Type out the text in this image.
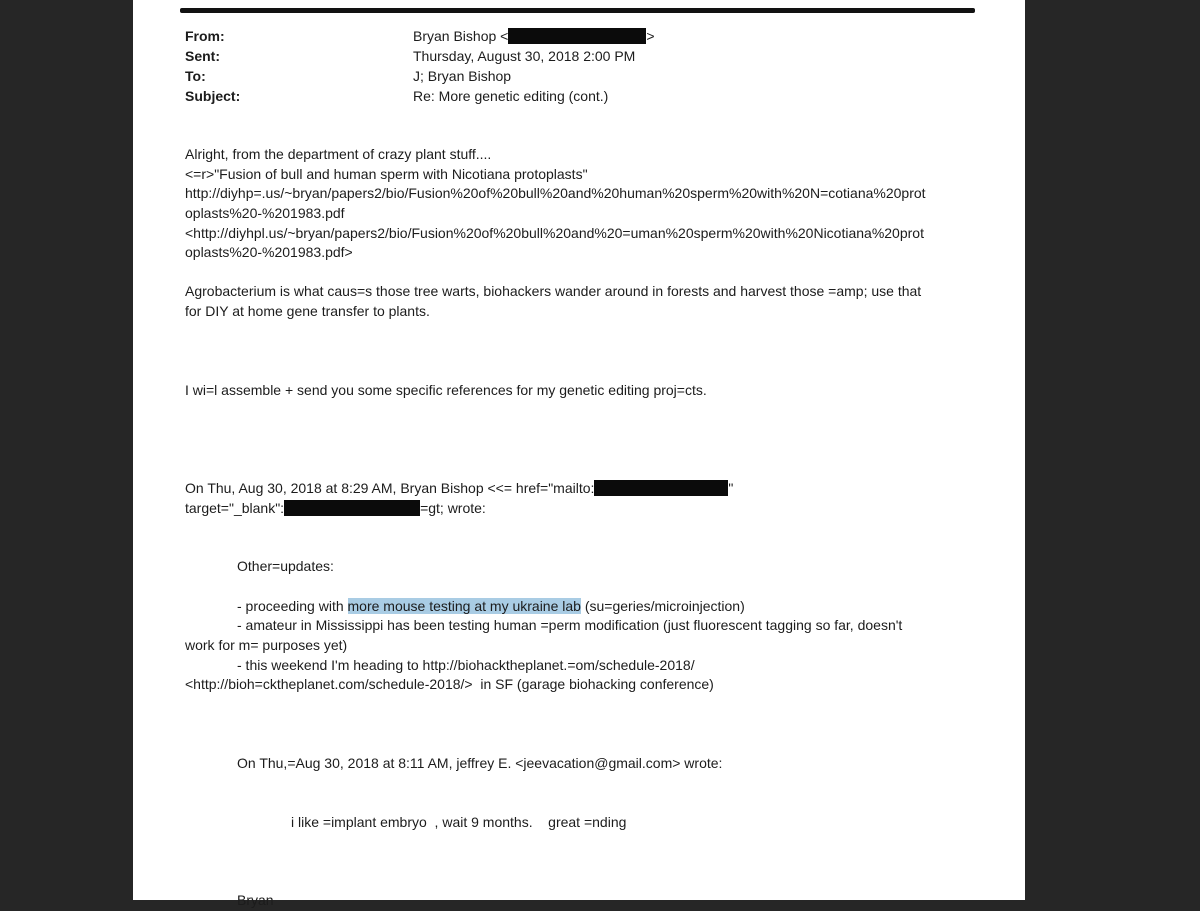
From:	Bryan Bishop <	>
Sent:	Thursday, August 30, 2018 2:00 PM
To:	J; Bryan Bishop
Subject:	Re: More genetic editing (cont.)
Alright, from the department of crazy plant stuff....
<=r>"Fusion of bull and human sperm with Nicotiana protoplasts"
http://diyhp=.us/~bryan/papers2/bio/Fusion%20of%20bull%20and%20human%20sperm%20with%20N=cotiana%20prot
oplasts%20-%201983.pdf
<http://diyhpl.us/~bryan/papers2/bio/Fusion%20of%20bull%20and%20=uman%20sperm%20with%20Nicotiana%20prot
oplasts%20-%201983.pdf>

Agrobacterium is what caus=s those tree warts, biohackers wander around in forests and harvest those =amp; use that
for DIY at home gene transfer to plants.

I wi=l assemble + send you some specific references for my genetic editing proj=cts.

On Thu, Aug 30, 2018 at 8:29 AM, Bryan Bishop <<= href="mailto:	"
target="_blank":	=gt; wrote:

Other=updates:

- proceeding with more mouse testing at my ukraine lab (su=geries/microinjection)
- amateur in Mississippi has been testing human =perm modification (just fluorescent tagging so far, doesn't
work for m= purposes yet)
- this weekend I'm heading to http://biohacktheplanet.=om/schedule-2018/
<http://bioh=cktheplanet.com/schedule-2018/>  in SF (garage biohacking conference)

On Thu,=Aug 30, 2018 at 8:11 AM, jeffrey E. <jeevacation@gmail.com> wrote:

i like =implant embryo  , wait 9 months.    great =nding

Bryan
